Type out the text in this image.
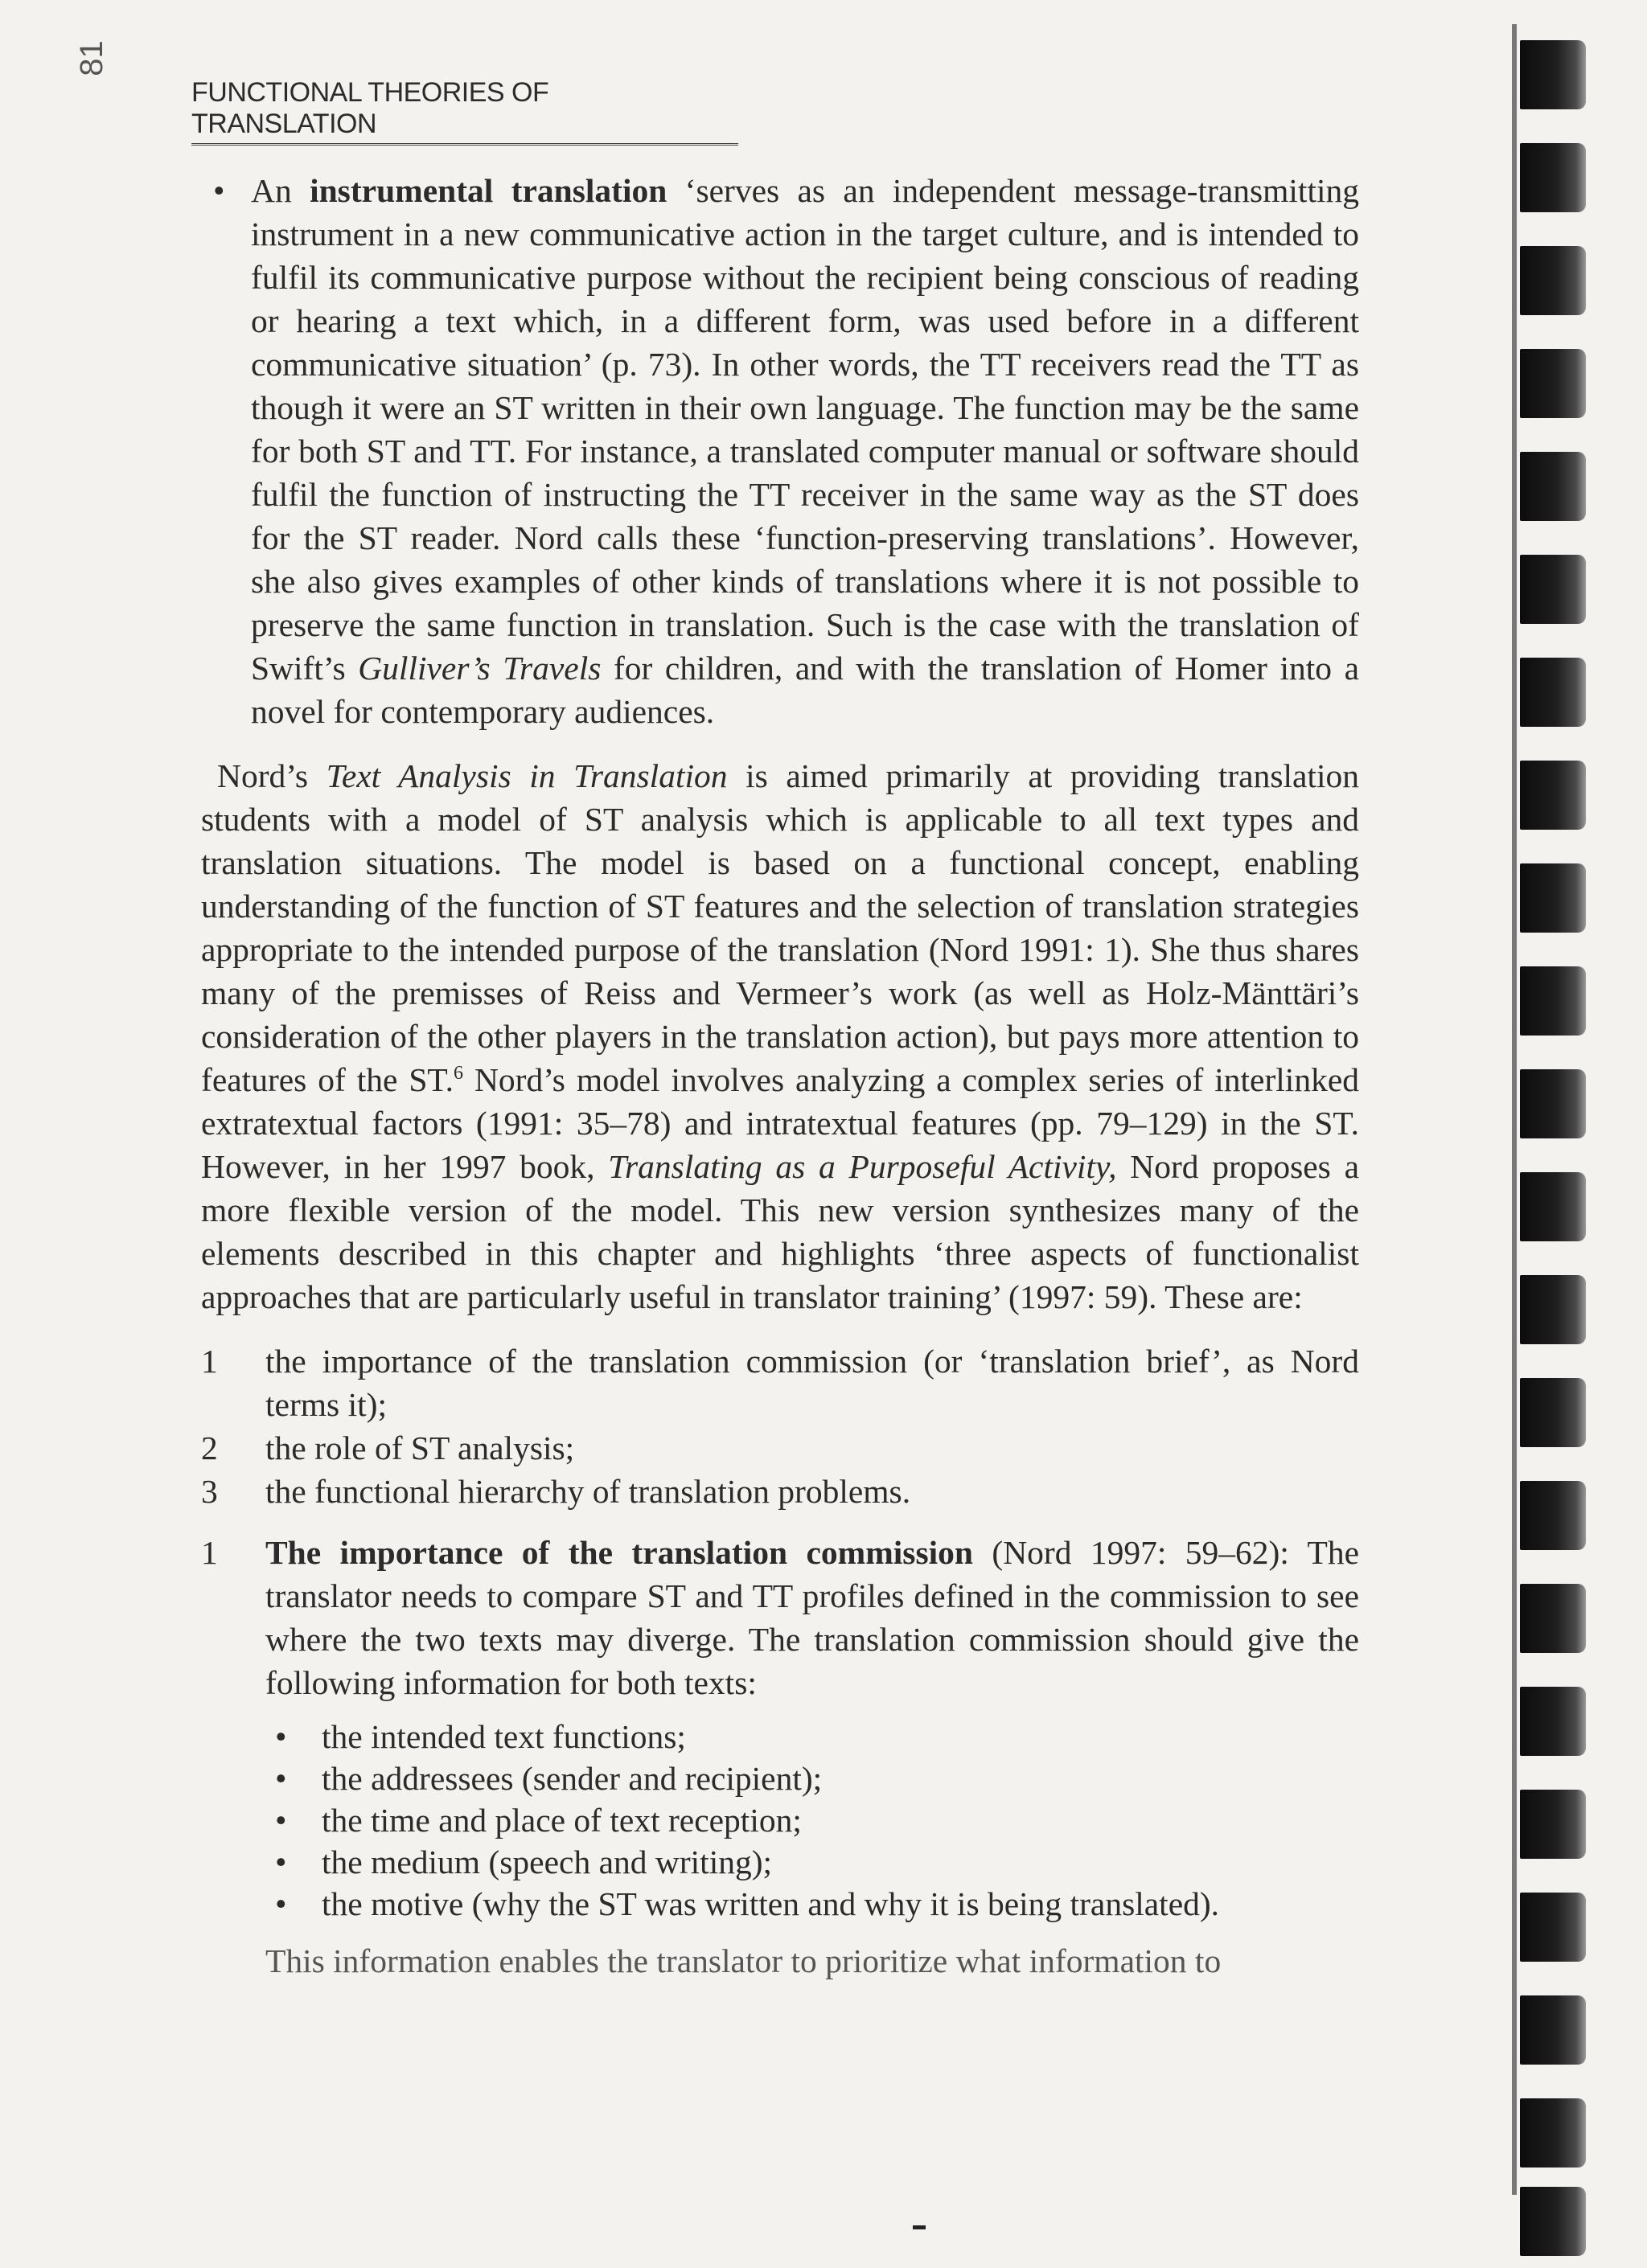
81
FUNCTIONAL THEORIES OF TRANSLATION
• An instrumental translation ‘serves as an independent message-transmitting instrument in a new communicative action in the target culture, and is intended to fulfil its communicative purpose without the recipient being conscious of reading or hearing a text which, in a different form, was used before in a different communicative situation’ (p. 73). In other words, the TT receivers read the TT as though it were an ST written in their own language. The function may be the same for both ST and TT. For instance, a translated computer manual or software should fulfil the function of instructing the TT receiver in the same way as the ST does for the ST reader. Nord calls these ‘function-preserving translations’. However, she also gives examples of other kinds of translations where it is not possible to preserve the same function in translation. Such is the case with the translation of Swift’s Gulliver’s Travels for children, and with the translation of Homer into a novel for contemporary audiences.

Nord’s Text Analysis in Translation is aimed primarily at providing translation students with a model of ST analysis which is applicable to all text types and translation situations. The model is based on a functional concept, enabling understanding of the function of ST features and the selection of translation strategies appropriate to the intended purpose of the translation (Nord 1991: 1). She thus shares many of the premisses of Reiss and Vermeer’s work (as well as Holz-Mänttäri’s consideration of the other players in the translation action), but pays more attention to features of the ST.$^6$ Nord’s model involves analyzing a complex series of interlinked extratextual factors (1991: 35–78) and intratextual features (pp. 79–129) in the ST. However, in her 1997 book, Translating as a Purposeful Activity, Nord proposes a more flexible version of the model. This new version synthesizes many of the elements described in this chapter and highlights ‘three aspects of functionalist approaches that are particularly useful in translator training’ (1997: 59). These are:

1 the importance of the translation commission (or ‘translation brief’, as Nord terms it);
2 the role of ST analysis;
3 the functional hierarchy of translation problems.
1 The importance of the translation commission (Nord 1997: 59–62): The translator needs to compare ST and TT profiles defined in the commission to see where the two texts may diverge. The translation commission should give the following information for both texts:
• the intended text functions;
• the addressees (sender and recipient);
• the time and place of text reception;
• the medium (speech and writing);
• the motive (why the ST was written and why it is being translated).
This information enables the translator to prioritize what information to
